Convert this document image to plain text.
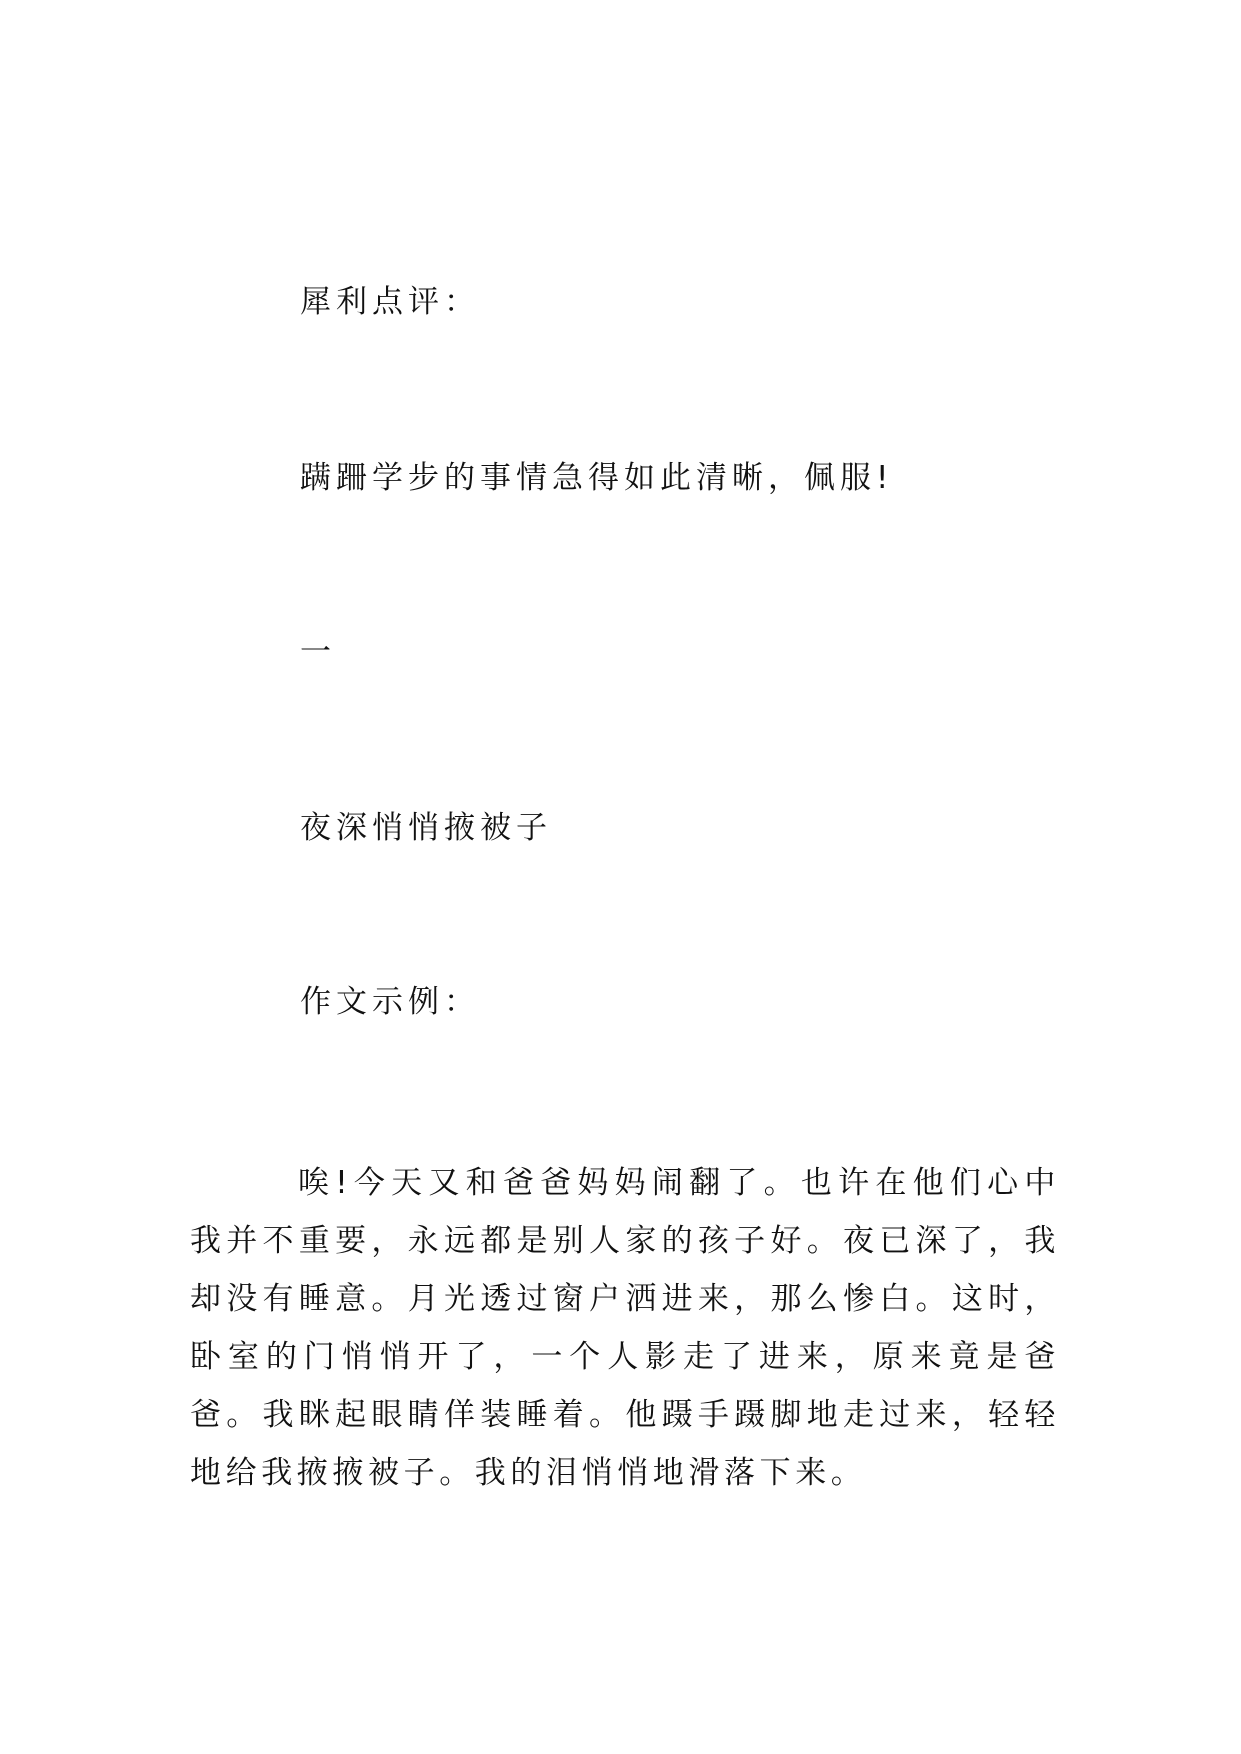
犀利点评：
蹒跚学步的事情急得如此清晰，佩服!
一
夜深悄悄掖被子
作文示例：

唉!今天又和爸爸妈妈闹翻了。也许在他们心中我并不重要，永远都是别人家的孩子好。夜已深了，我却没有睡意。月光透过窗户洒进来，那么惨白。这时，卧室的门悄悄开了，一个人影走了进来，原来竟是爸爸。我眯起眼睛佯装睡着。他蹑手蹑脚地走过来，轻轻地给我掖掖被子。我的泪悄悄地滑落下来。
